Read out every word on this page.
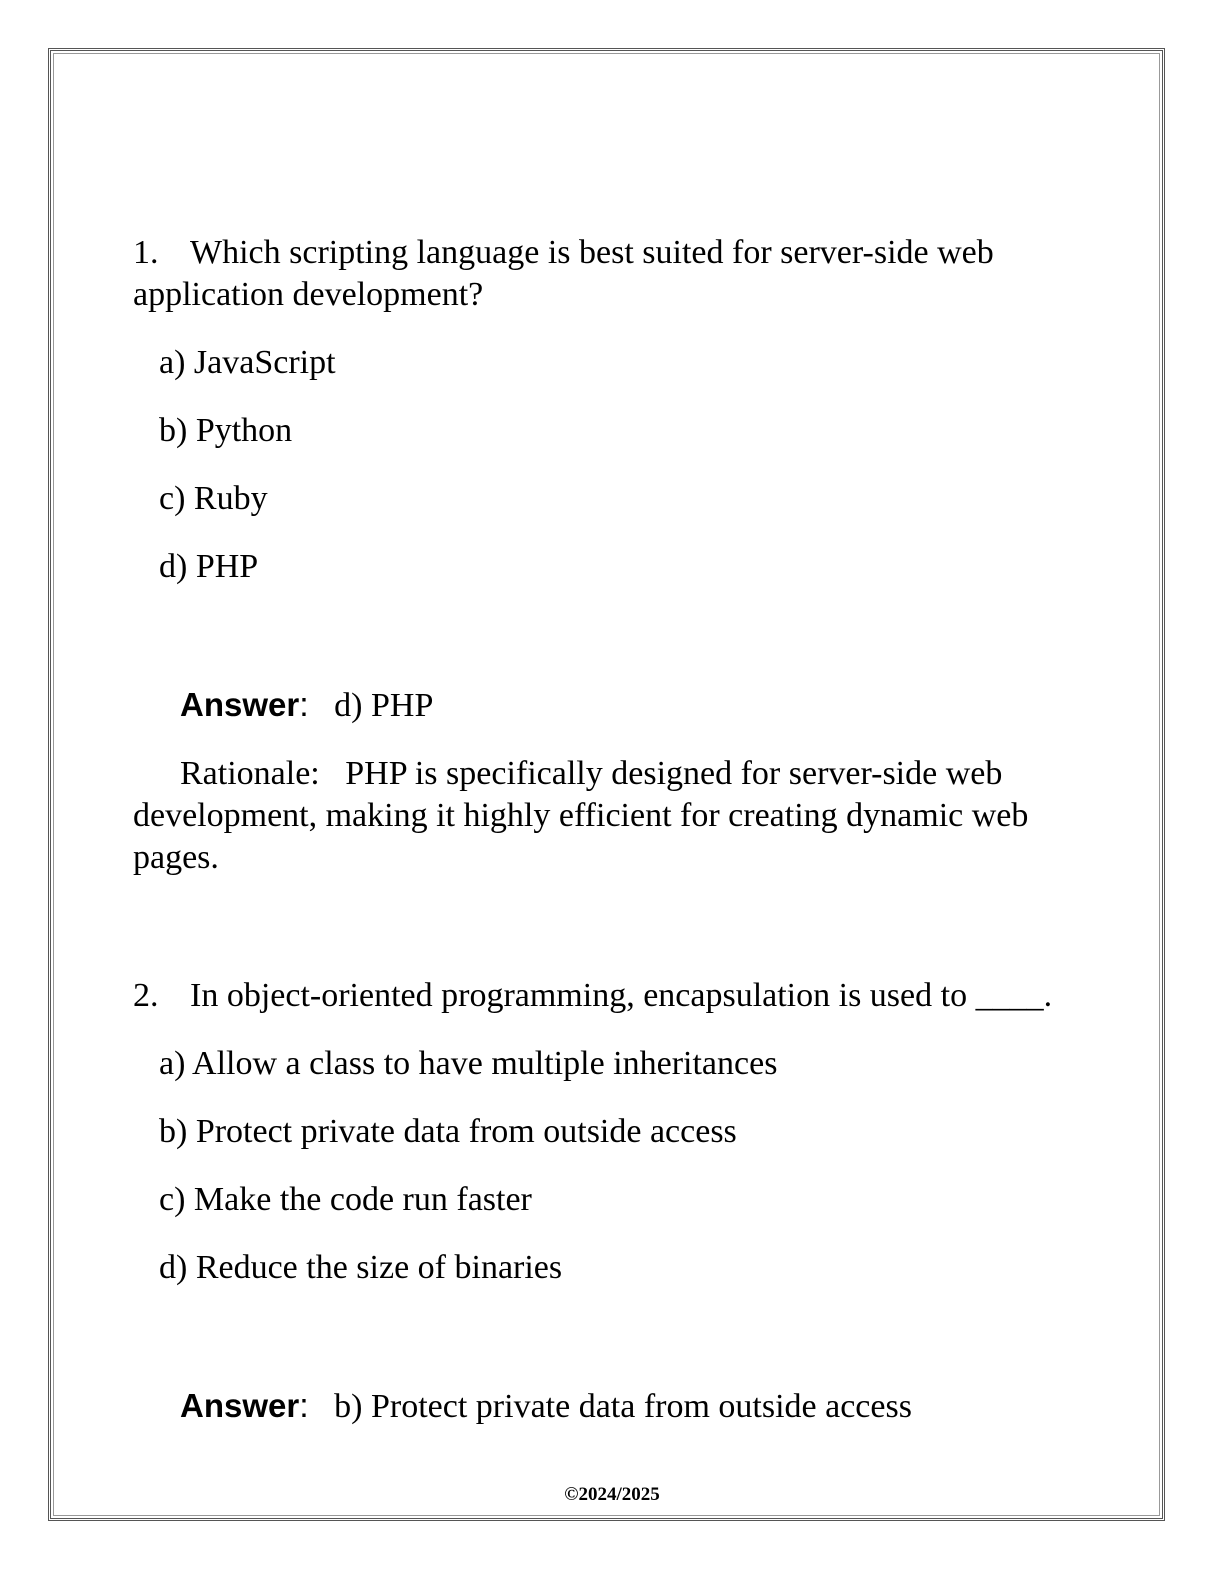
1. Which scripting language is best suited for server-side web application development?

a) JavaScript
b) Python
c) Ruby
d) PHP
Answer: d) PHP

Rationale: PHP is specifically designed for server-side web development, making it highly efficient for creating dynamic web pages.

2. In object-oriented programming, encapsulation is used to ____.

a) Allow a class to have multiple inheritances
b) Protect private data from outside access
c) Make the code run faster
d) Reduce the size of binaries
Answer: b) Protect private data from outside access
©2024/2025
